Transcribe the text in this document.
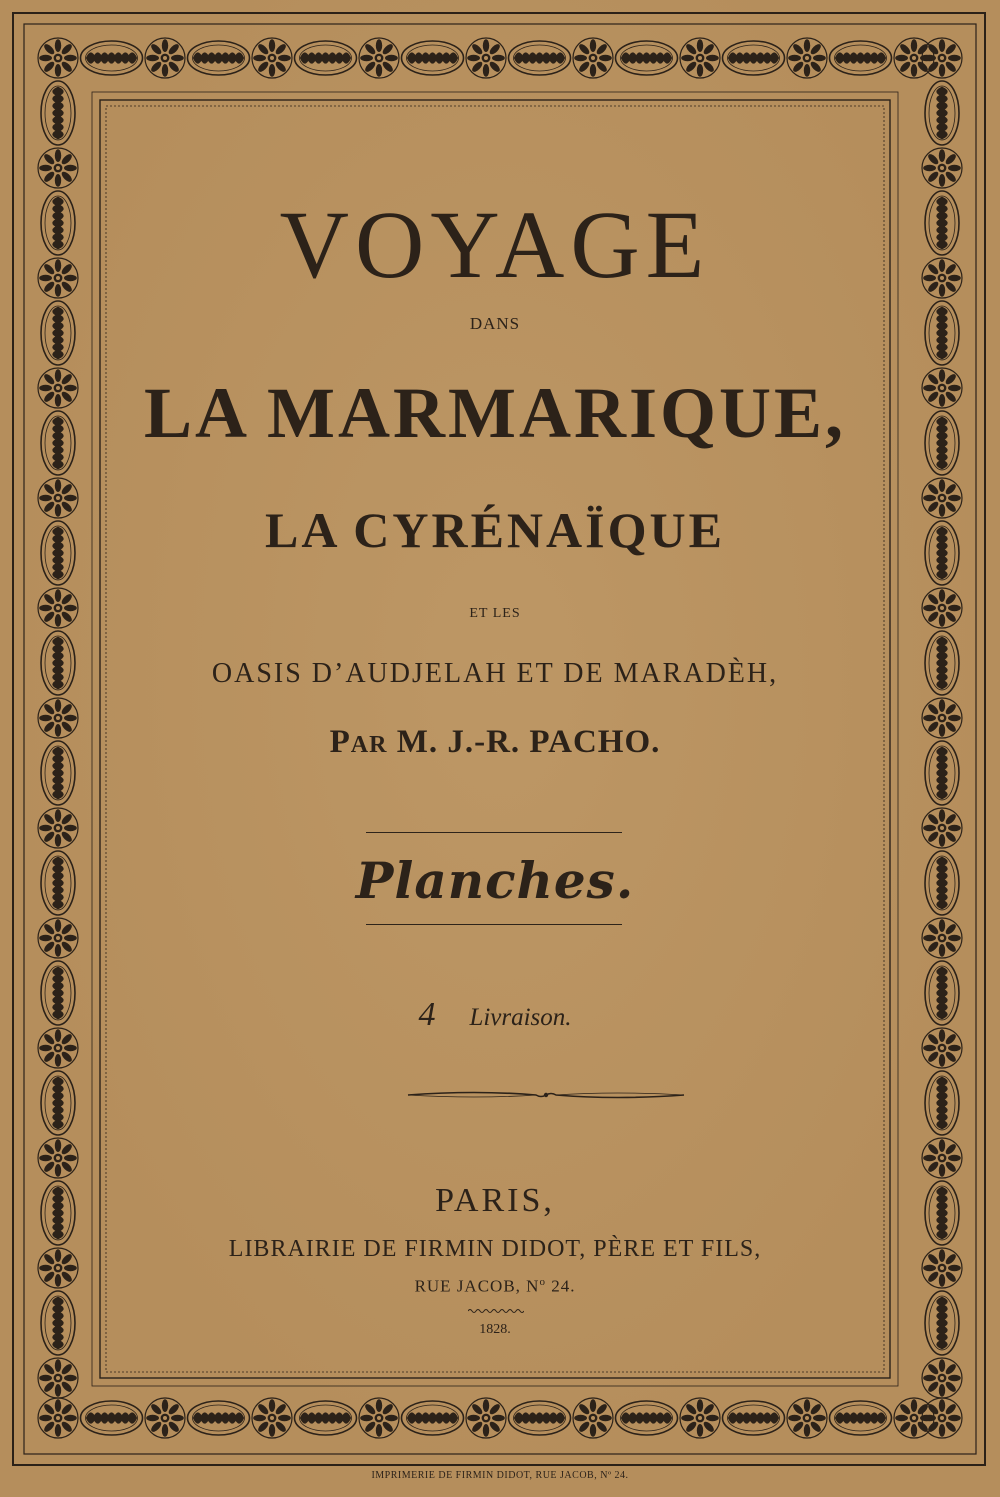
VOYAGE
DANS
LA MARMARIQUE,
LA CYRÉNAÏQUE
ET LES
OASIS D’AUDJELAH ET DE MARADÈH,
PAR M. J.-R. PACHO.
Planches.
4 Livraison.
PARIS,
LIBRAIRIE DE FIRMIN DIDOT, PÈRE ET FILS,
RUE JACOB, $N^o$ 24.
1828.
IMPRIMERIE DE FIRMIN DIDOT, RUE JACOB, Nº 24.
